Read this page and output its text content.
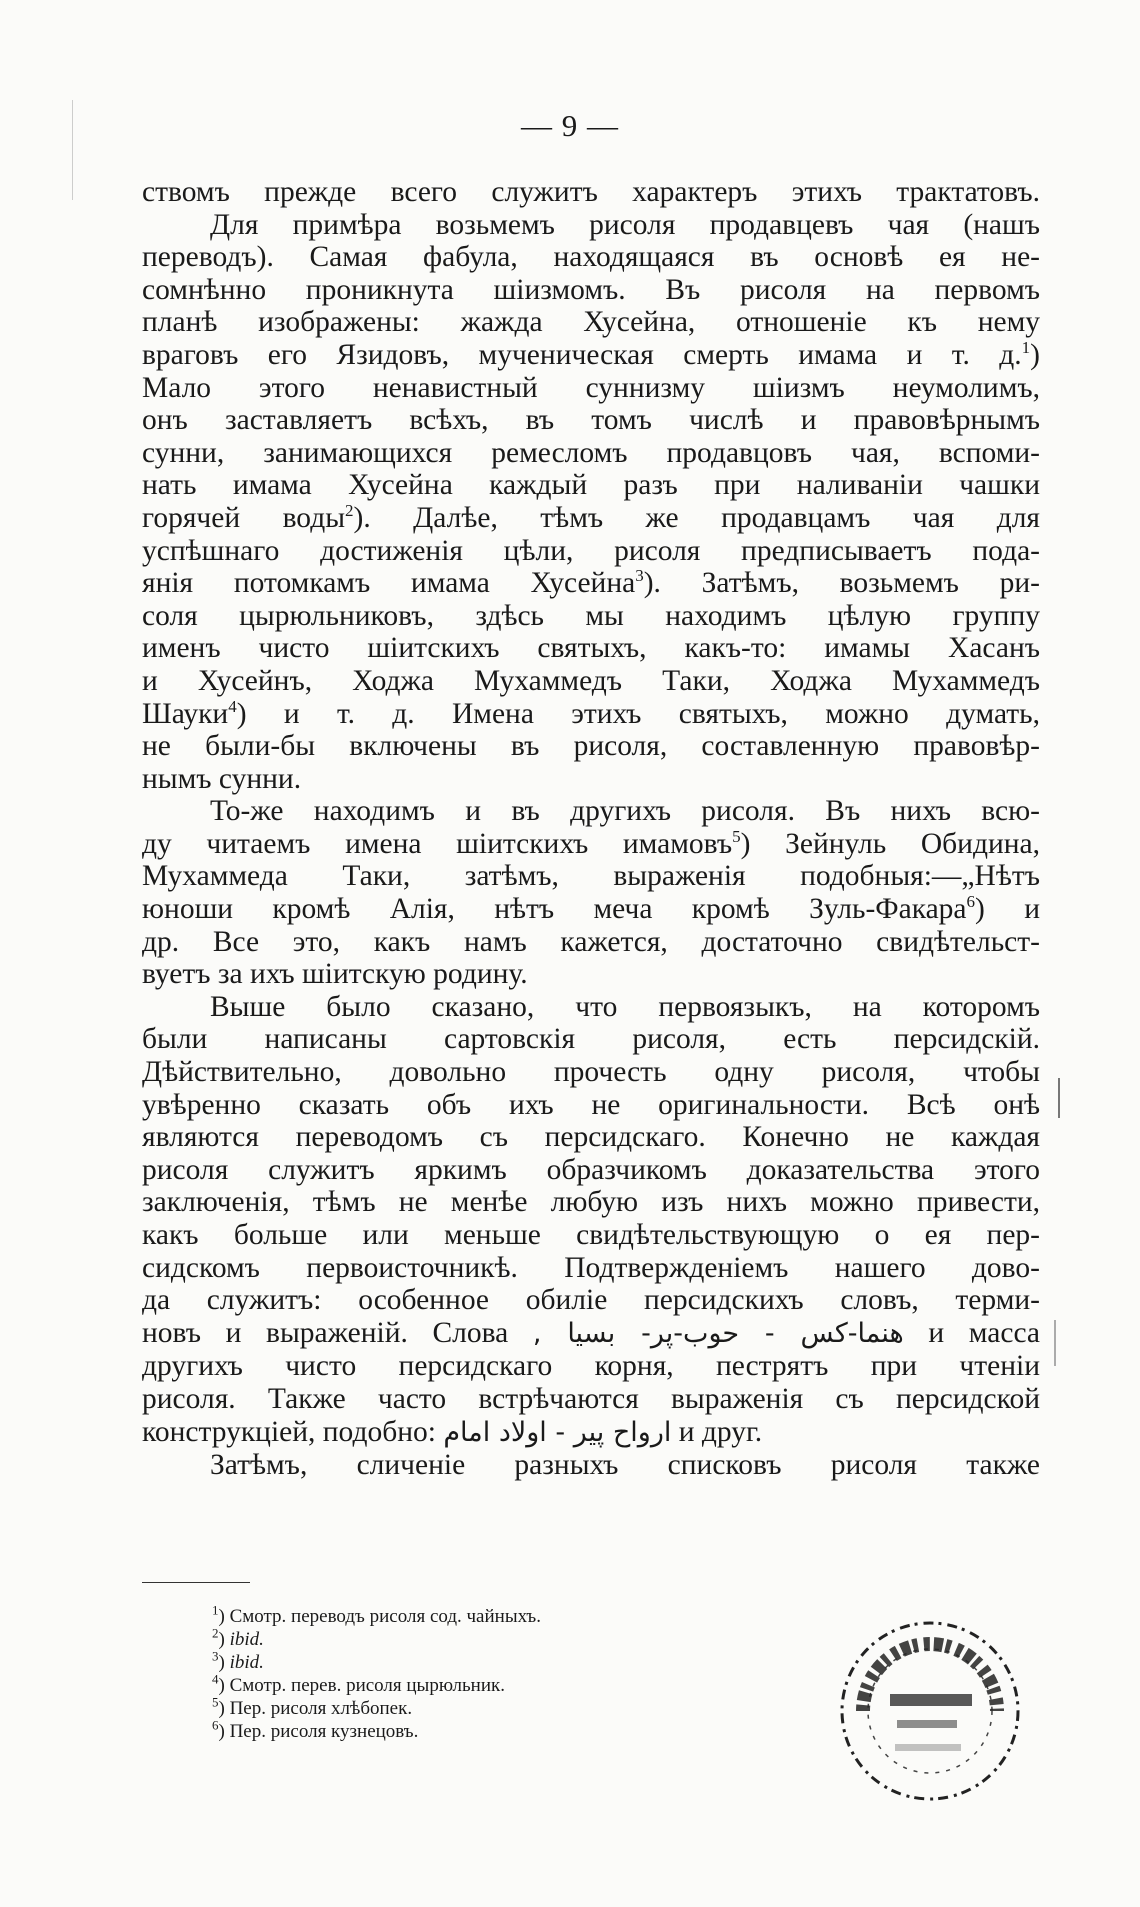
— 9 —
ствомъ прежде всего служитъ характеръ этихъ трактатовъ.
Для примѣра возьмемъ рисоля продавцевъ чая (нашъ
переводъ). Самая фабула, находящаяся въ основѣ ея не-
сомнѣнно проникнута шіизмомъ. Въ рисоля на первомъ
планѣ изображены: жажда Хусейна, отношеніе къ нему
враговъ его Язидовъ, мученическая смерть имама и т. д.$^1$)
Мало этого ненавистный суннизму шіизмъ неумолимъ,
онъ заставляетъ всѣхъ, въ томъ числѣ и правовѣрнымъ
сунни, занимающихся ремесломъ продавцовъ чая, вспоми-
нать имама Хусейна каждый разъ при наливаніи чашки
горячей воды$^2$). Далѣе, тѣмъ же продавцамъ чая для
успѣшнаго достиженія цѣли, рисоля предписываетъ пода-
янія потомкамъ имама Хусейна$^3$). Затѣмъ, возьмемъ ри-
соля цырюльниковъ, здѣсь мы находимъ цѣлую группу
именъ чисто шіитскихъ святыхъ, какъ-то: имамы Хасанъ
и Хусейнъ, Ходжа Мухаммедъ Таки, Ходжа Мухаммедъ
Шауки$^4$) и т. д. Имена этихъ святыхъ, можно думать,
не были-бы включены въ рисоля, составленную правовѣр-
нымъ сунни.
То-же находимъ и въ другихъ рисоля. Въ нихъ всю-
ду читаемъ имена шіитскихъ имамовъ$^5$) Зейнуль Обидина,
Мухаммеда Таки, затѣмъ, выраженія подобныя:—„Нѣтъ
юноши кромѣ Алія, нѣтъ меча кромѣ Зуль-Факара$^6$) и
др. Все это, какъ намъ кажется, достаточно свидѣтельст-
вуетъ за ихъ шіитскую родину.
Выше было сказано, что первоязыкъ, на которомъ
были написаны сартовскія рисоля, есть персидскій.
Дѣйствительно, довольно прочесть одну рисоля, чтобы
увѣренно сказать объ ихъ не оригинальности. Всѣ онѣ
являются переводомъ съ персидскаго. Конечно не каждая
рисоля служитъ яркимъ образчикомъ доказательства этого
заключенія, тѣмъ не менѣе любую изъ нихъ можно привести,
какъ больше или меньше свидѣтельствующую о ея пер-
сидскомъ первоисточникѣ. Подтвержденіемъ нашего дово-
да служитъ: особенное обиліе персидскихъ словъ, терми-
новъ и выраженій. Слова هنما-كس - حوب-پر- بسيا , и масса
другихъ чисто персидскаго корня, пестрятъ при чтеніи
рисоля. Также часто встрѣчаются выраженія съ персидской
конструкціей, подобно: ارواح پير - اولاد امام и друг.
Затѣмъ, сличеніе разныхъ списковъ рисоля также
$^1$) Смотр. переводъ рисоля сод. чайныхъ.
$^2$) ibid.
$^3$) ibid.
$^4$) Смотр. перев. рисоля цырюльник.
$^5$) Пер. рисоля хлѣбопек.
$^6$) Пер. рисоля кузнецовъ.
